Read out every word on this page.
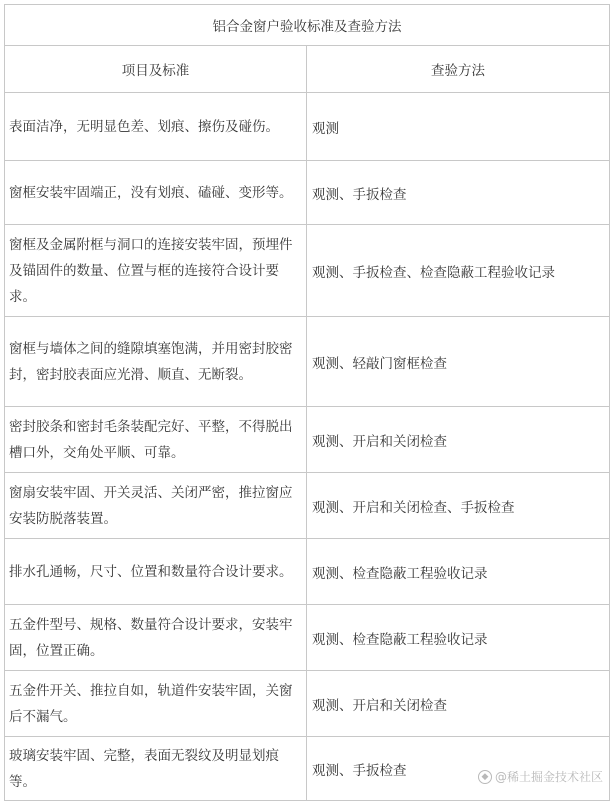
铝合金窗户验收标准及查验方法	
项目及标准	查验方法
表面洁净，无明显色差、划痕、擦伤及碰伤。	观测
窗框安装牢固端正，没有划痕、磕碰、变形等。	观测、手扳检查
窗框及金属附框与洞口的连接安装牢固，预埋件及锚固件的数量、位置与框的连接符合设计要求。	观测、手扳检查、检查隐蔽工程验收记录
窗框与墙体之间的缝隙填塞饱满，并用密封胶密封，密封胶表面应光滑、顺直、无断裂。	观测、轻敲门窗框检查
密封胶条和密封毛条装配完好、平整，不得脱出槽口外，交角处平顺、可靠。	观测、开启和关闭检查
窗扇安装牢固、开关灵活、关闭严密，推拉窗应安装防脱落装置。	观测、开启和关闭检查、手扳检查
排水孔通畅，尺寸、位置和数量符合设计要求。	观测、检查隐蔽工程验收记录
五金件型号、规格、数量符合设计要求，安装牢固，位置正确。	观测、检查隐蔽工程验收记录
五金件开关、推拉自如，轨道件安装牢固，关窗后不漏气。	观测、开启和关闭检查
玻璃安装牢固、完整，表面无裂纹及明显划痕等。	观测、手扳检查	◆ @稀土掘金技术社区
